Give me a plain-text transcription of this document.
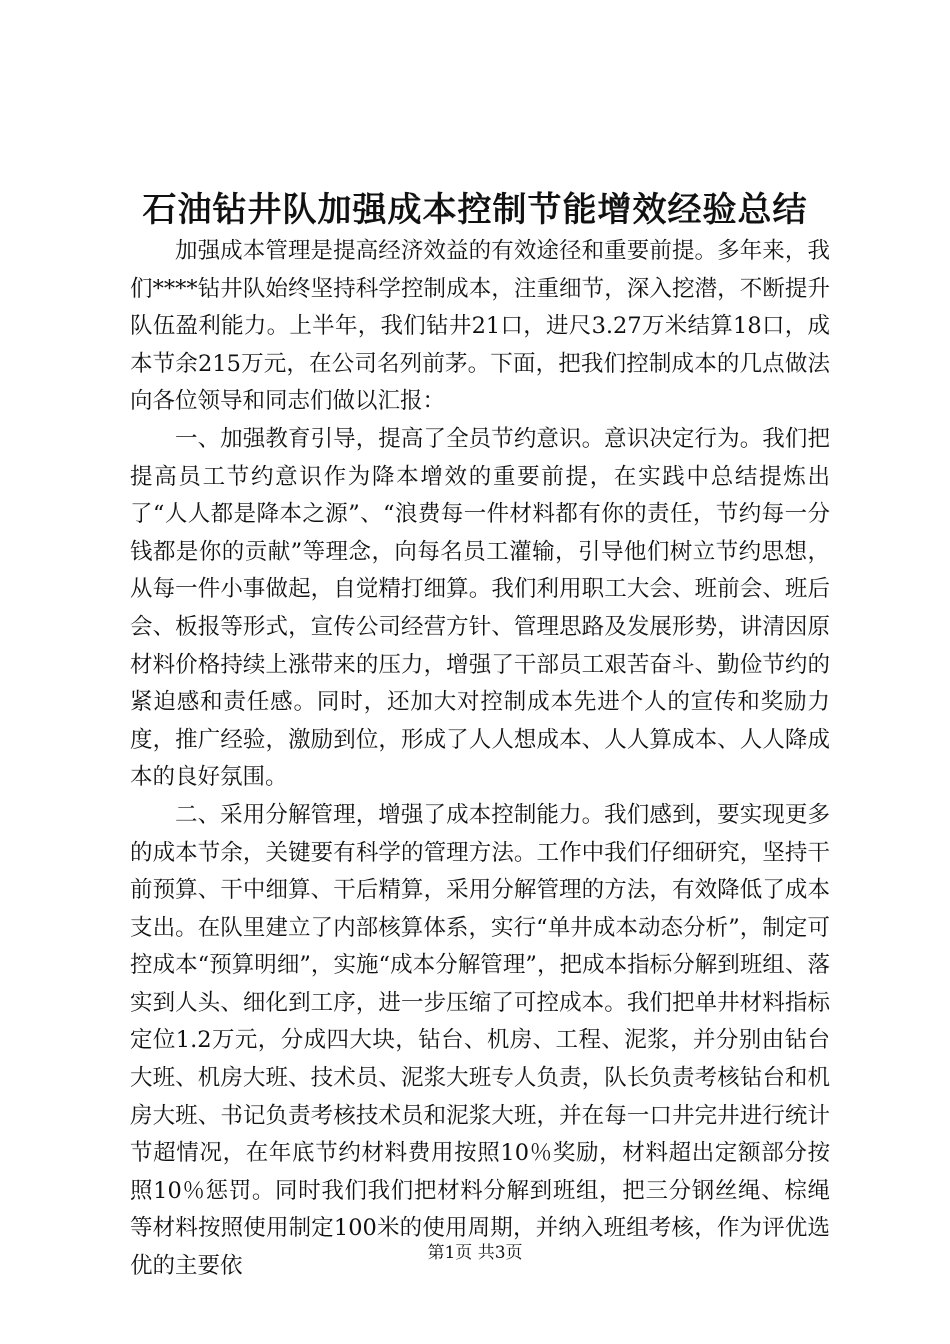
石油钻井队加强成本控制节能增效经验总结

加强成本管理是提高经济效益的有效途径和重要前提。多年来，我们****钻井队始终坚持科学控制成本，注重细节，深入挖潜，不断提升队伍盈利能力。上半年，我们钻井21口，进尺3.27万米结算18口，成本节余215万元，在公司名列前茅。下面，把我们控制成本的几点做法向各位领导和同志们做以汇报：

一、加强教育引导，提高了全员节约意识。意识决定行为。我们把提高员工节约意识作为降本增效的重要前提，在实践中总结提炼出了“人人都是降本之源”、“浪费每一件材料都有你的责任，节约每一分钱都是你的贡献”等理念，向每名员工灌输，引导他们树立节约思想，从每一件小事做起，自觉精打细算。我们利用职工大会、班前会、班后会、板报等形式，宣传公司经营方针、管理思路及发展形势，讲清因原材料价格持续上涨带来的压力，增强了干部员工艰苦奋斗、勤俭节约的紧迫感和责任感。同时，还加大对控制成本先进个人的宣传和奖励力度，推广经验，激励到位，形成了人人想成本、人人算成本、人人降成本的良好氛围。

二、采用分解管理，增强了成本控制能力。我们感到，要实现更多的成本节余，关键要有科学的管理方法。工作中我们仔细研究，坚持干前预算、干中细算、干后精算，采用分解管理的方法，有效降低了成本支出。在队里建立了内部核算体系，实行“单井成本动态分析”，制定可控成本“预算明细”，实施“成本分解管理”，把成本指标分解到班组、落实到人头、细化到工序，进一步压缩了可控成本。我们把单井材料指标定位1.2万元，分成四大块，钻台、机房、工程、泥浆，并分别由钻台大班、机房大班、技术员、泥浆大班专人负责，队长负责考核钻台和机房大班、书记负责考核技术员和泥浆大班，并在每一口井完井进行统计节超情况，在年底节约材料费用按照10％奖励，材料超出定额部分按照10％惩罚。同时我们我们把材料分解到班组，把三分钢丝绳、棕绳等材料按照使用制定100米的使用周期，并纳入班组考核，作为评优选优的主要依

第1页 共3页
